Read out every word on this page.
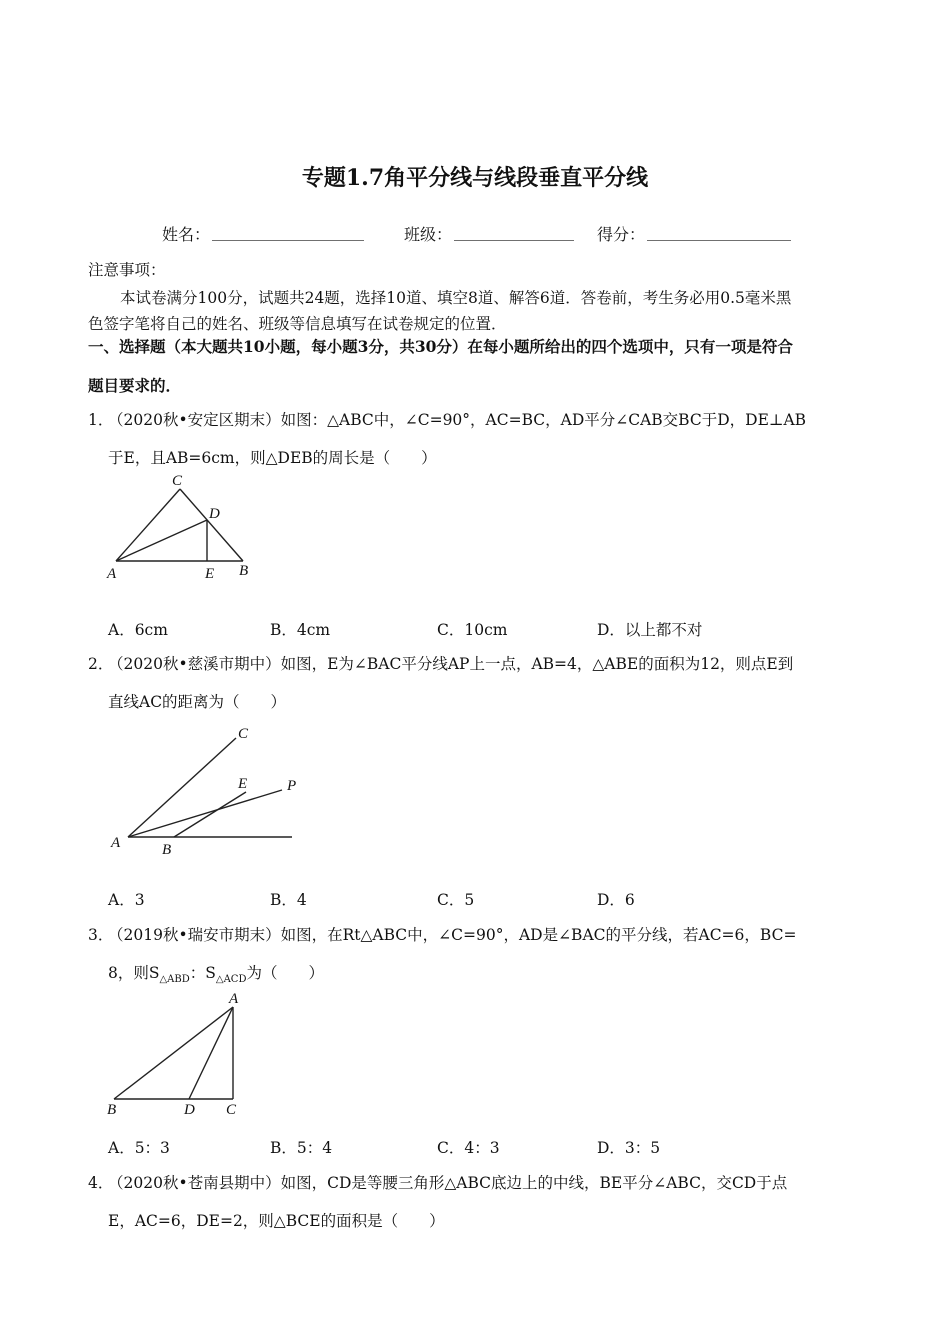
专题1.7角平分线与线段垂直平分线
姓名： ___________________	班级： _______________ 得分： __________________
注意事项：
本试卷满分100分，试题共24题，选择10道、填空8道、解答6道．答卷前，考生务必用0.5毫米黑
色签字笔将自己的姓名、班级等信息填写在试卷规定的位置．
一、选择题（本大题共10小题，每小题3分，共30分）在每小题所给出的四个选项中，只有一项是符合
题目要求的．
1．
（2020秋•安定区期末）如图：△ABC中，∠C=90°，AC=BC，AD平分∠CAB交BC于D，DE⊥AB
于E，且AB=6cm，则△DEB的周长是（　　）
C
D
A	E B
A．6cm	B．4cm	C．10cm	D．以上都不对
2．
（2020秋•慈溪市期中）如图，E为∠BAC平分线AP上一点，AB=4，△ABE的面积为12，则点E到
直线AC的距离为（　　）
C
E	P
A	B
A．3	B．4	C．5	D．6
3．
（2019秋•瑞安市期末）如图，在Rt△ABC中，∠C=90°，AD是∠BAC的平分线，若AC=6，BC=
8，则$S_{\triangle ABD}$：$S_{\triangle ACD}$为（　　）
A
B	D C
A．5：3	B．5：4	C．4：3	D．3：5
4．
（2020秋•苍南县期中）如图，CD是等腰三角形△ABC底边上的中线，BE平分∠ABC，交CD于点
E，AC=6，DE=2，则△BCE的面积是（　　）
